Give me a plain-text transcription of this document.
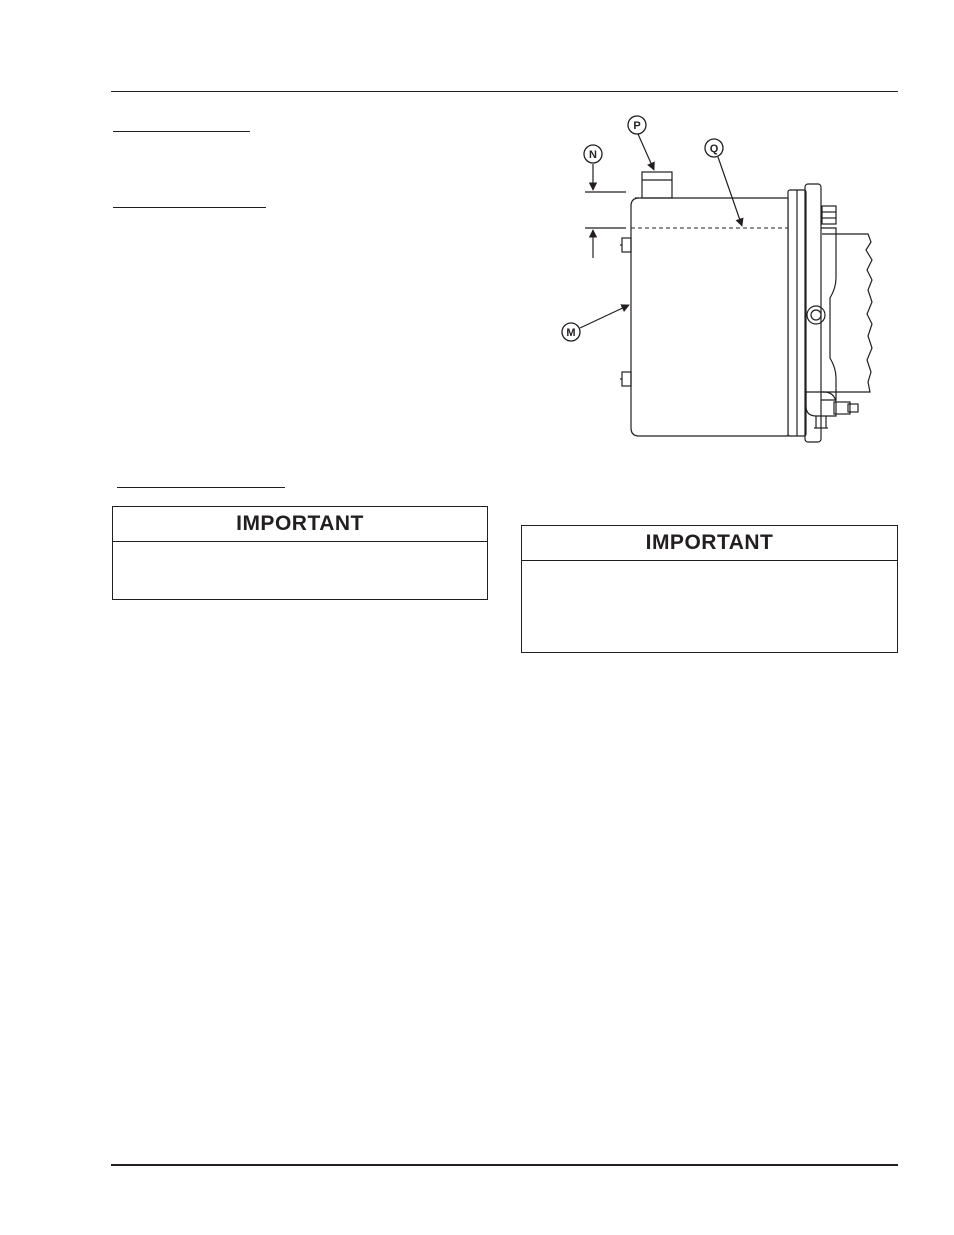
IMPORTANT
IMPORTANT
N
P
Q
M
